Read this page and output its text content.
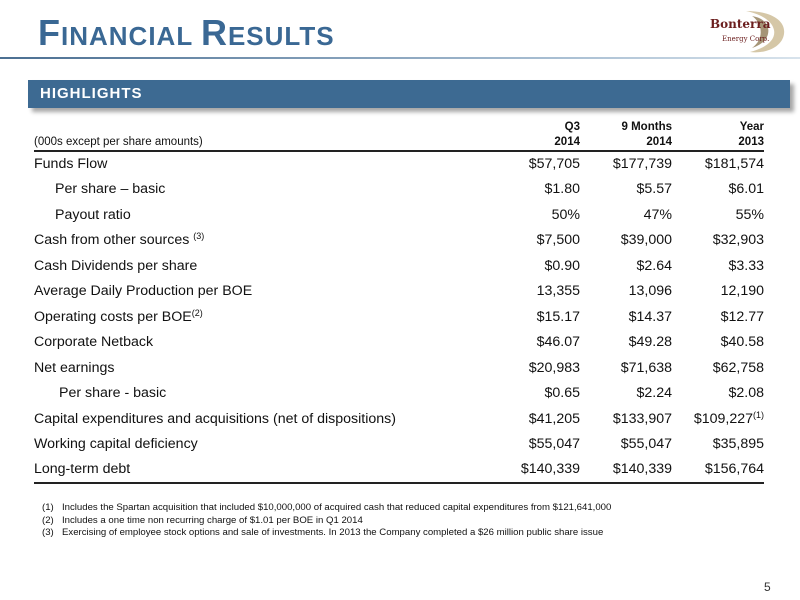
FINANCIAL RESULTS	Bonterra
Energy Corp.
HIGHLIGHTS
	Q3	9 Months	Year
(000s except per share amounts)	2014	2014	2013
Funds Flow	$57,705	$177,739	$181,574
Per share – basic	$1.80	$5.57	$6.01
Payout ratio	50%	47%	55%
Cash from other sources $^{(3)}$	$7,500	$39,000	$32,903
Cash Dividends per share	$0.90	$2.64	$3.33
Average Daily Production per BOE	13,355	13,096	12,190
Operating costs per BOE$^{(2)}$	$15.17	$14.37	$12.77
Corporate Netback	$46.07	$49.28	$40.58
Net earnings	$20,983	$71,638	$62,758
Per share - basic	$0.65	$2.24	$2.08
Capital expenditures and acquisitions (net of dispositions)	$41,205	$133,907	$109,227$^{(1)}$
Working capital deficiency	$55,047	$55,047	$35,895
Long-term debt	$140,339	$140,339	$156,764
(1) Includes the Spartan acquisition that included $10,000,000 of acquired cash that reduced capital expenditures from $121,641,000
(2) Includes a one time non recurring charge of $1.01 per BOE in Q1 2014
(3) Exercising of employee stock options and sale of investments. In 2013 the Company completed a $26 million public share issue
5
